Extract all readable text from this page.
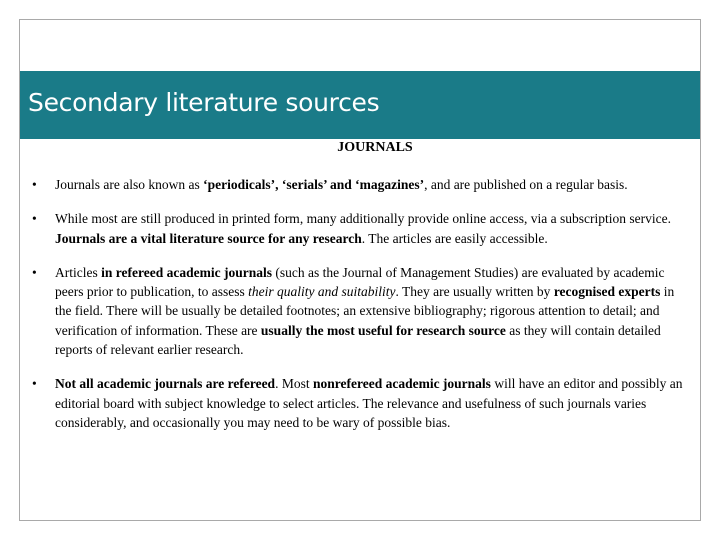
Secondary literature sources
JOURNALS
• Journals are also known as ‘periodicals’, ‘serials’ and ‘magazines’, and are published on a regular basis.
• While most are still produced in printed form, many additionally provide online access, via a subscription service. Journals are a vital literature source for any research. The articles are easily accessible.
• Articles in refereed academic journals (such as the Journal of Management Studies) are evaluated by academic peers prior to publication, to assess their quality and suitability. They are usually written by recognised experts in the field. There will be usually be detailed footnotes; an extensive bibliography; rigorous attention to detail; and verification of information. These are usually the most useful for research source as they will contain detailed reports of relevant earlier research.
• Not all academic journals are refereed. Most nonrefereed academic journals will have an editor and possibly an editorial board with subject knowledge to select articles. The relevance and usefulness of such journals varies considerably, and occasionally you may need to be wary of possible bias.
